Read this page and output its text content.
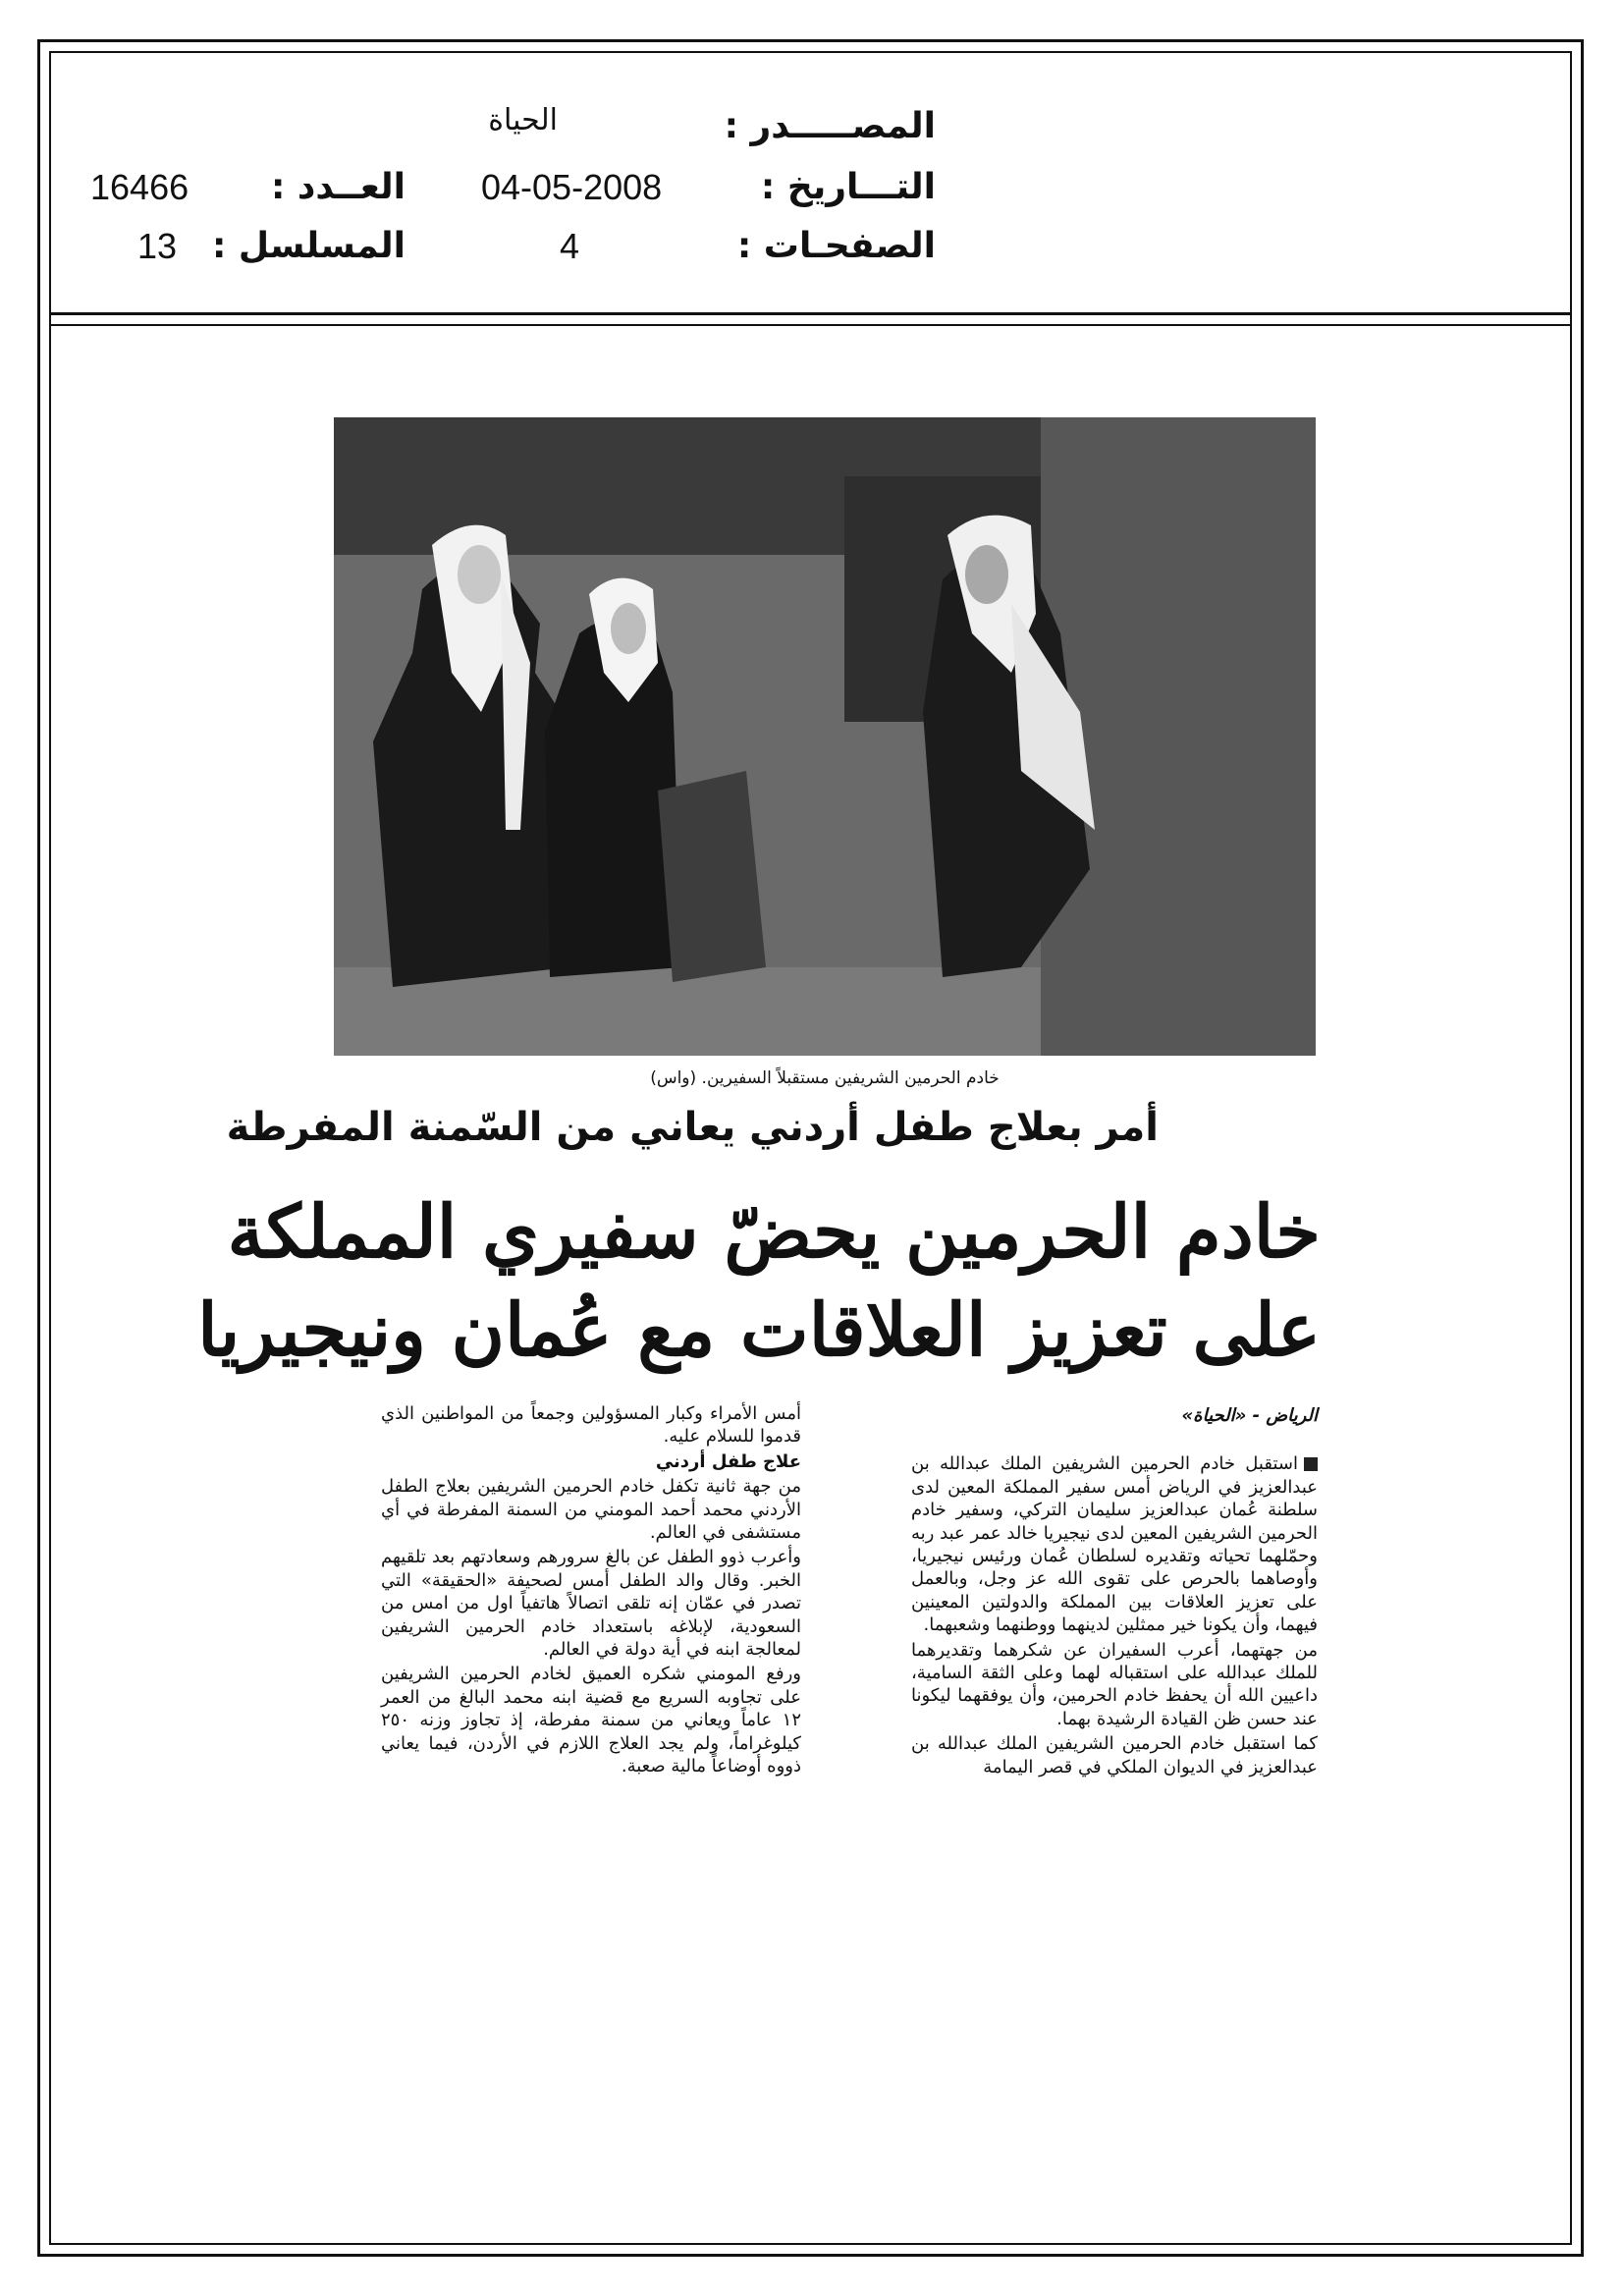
المصـــــدر :
الحياة
التـــاريخ :
04-05-2008
الصفحـات :
4
العــدد :
16466
المسلسل :
13
خادم الحرمين الشريفين مستقبلاً السفيرين. (واس)
أمر بعلاج طفل أردني يعاني من السّمنة المفرطة
خادم الحرمين يحضّ سفيري المملكة
على تعزيز العلاقات مع عُمان ونيجيريا

الرياض - «الحياة»

استقبل خادم الحرمين الشريفين الملك عبدالله بن عبدالعزيز في الرياض أمس سفير المملكة المعين لدى سلطنة عُمان عبدالعزيز سليمان التركي، وسفير خادم الحرمين الشريفين المعين لدى نيجيريا خالد عمر عبد ربه وحمّلهما تحياته وتقديره لسلطان عُمان ورئيس نيجيريا، وأوصاهما بالحرص على تقوى الله عز وجل، وبالعمل على تعزيز العلاقات بين المملكة والدولتين المعينين فيهما، وأن يكونا خير ممثلين لدينهما ووطنهما وشعبهما.

من جهتهما، أعرب السفيران عن شكرهما وتقديرهما للملك عبدالله على استقباله لهما وعلى الثقة السامية، داعيين الله أن يحفظ خادم الحرمين، وأن يوفقهما ليكونا عند حسن ظن القيادة الرشيدة بهما.

كما استقبل خادم الحرمين الشريفين الملك عبدالله بن عبدالعزيز في الديوان الملكي في قصر اليمامة

أمس الأمراء وكبار المسؤولين وجمعاً من المواطنين الذي قدموا للسلام عليه.

علاج طفل أردني

من جهة ثانية تكفل خادم الحرمين الشريفين بعلاج الطفل الأردني محمد أحمد المومني من السمنة المفرطة في أي مستشفى في العالم.

وأعرب ذوو الطفل عن بالغ سرورهم وسعادتهم بعد تلقيهم الخبر. وقال والد الطفل أمس لصحيفة «الحقيقة» التي تصدر في عمّان إنه تلقى اتصالاً هاتفياً اول من امس من السعودية، لإبلاغه باستعداد خادم الحرمين الشريفين لمعالجة ابنه في أية دولة في العالم.

ورفع المومني شكره العميق لخادم الحرمين الشريفين على تجاوبه السريع مع قضية ابنه محمد البالغ من العمر ١٢ عاماً ويعاني من سمنة مفرطة، إذ تجاوز وزنه ٢٥٠ كيلوغراماً، ولم يجد العلاج اللازم في الأردن، فيما يعاني ذووه أوضاعاً مالية صعبة.
